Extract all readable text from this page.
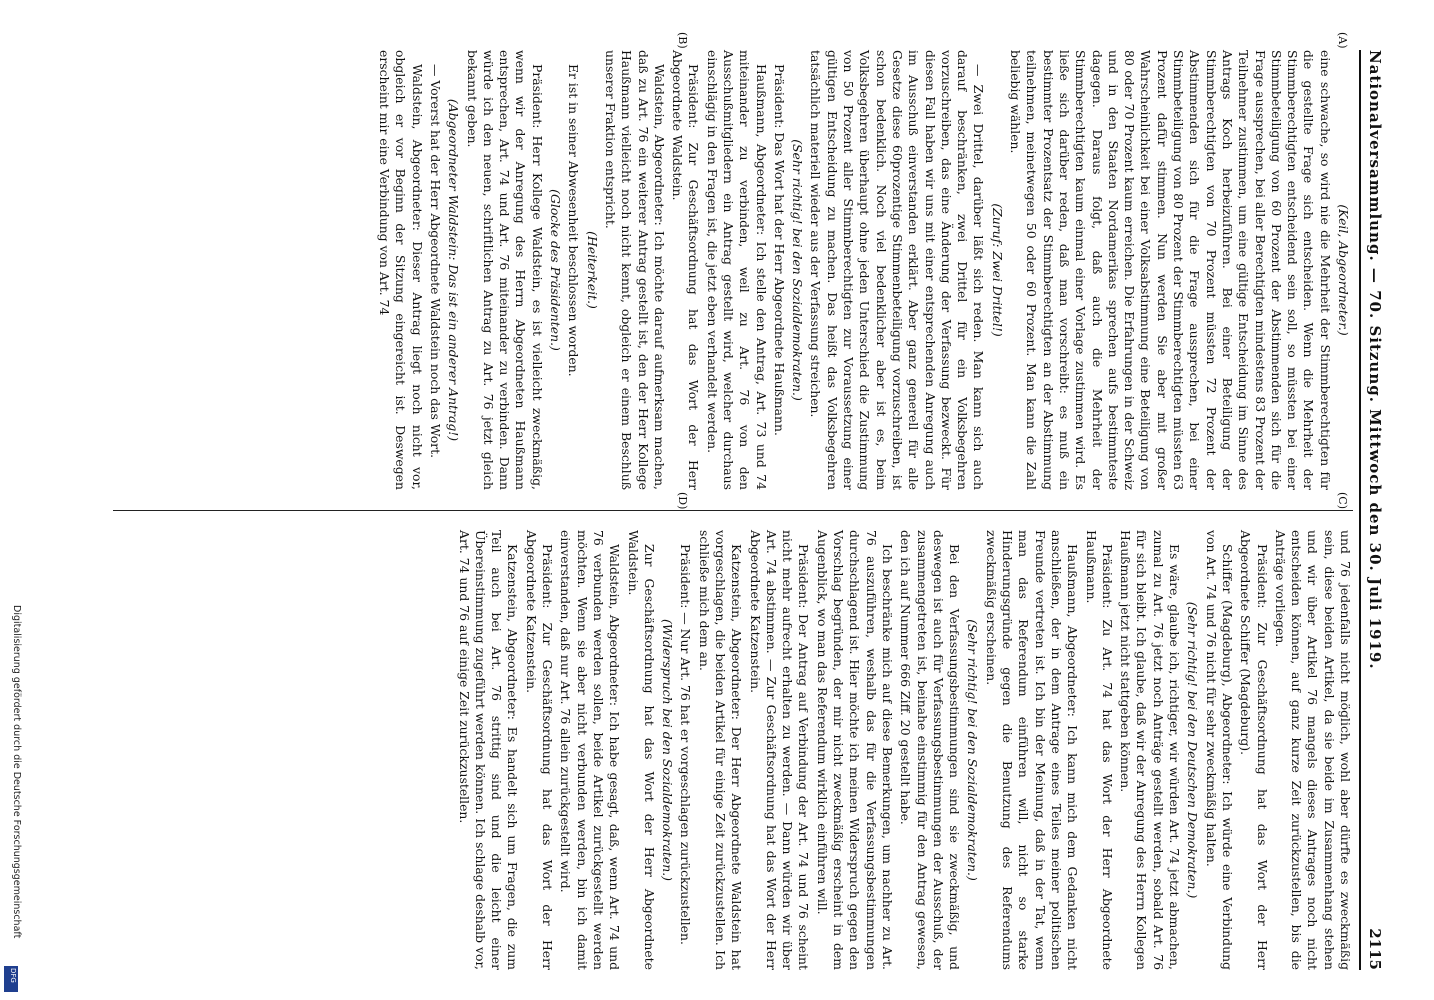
Nationalversammlung. — 70. Sitzung. Mittwoch den 30. Juli 1919.
2115

(Keil, Abgeordneter.)

eine schwache, so wird nie die Mehrheit der Stimmberechtigten für die gestellte Frage sich entscheiden. Wenn die Mehrheit der Stimmberechtigten entscheidend sein soll, so müssten bei einer Stimmbeteiligung von 60 Prozent der Abstimmenden sich für die Frage aussprechen, bei aller Berechtigten mindestens 83 Prozent der Teilnehmer zustimmen, um eine gültige Entscheidung im Sinne des Antrags Koch herbeizuführen. Bei einer Beteiligung der Stimmberechtigten von 70 Prozent müssten 72 Prozent der Abstimmenden sich für die Frage aussprechen, bei einer Stimmbeteiligung von 80 Prozent der Stimmberechtigten müssten 63 Prozent dafür stimmen. Nun werden Sie aber mit großer Wahrscheinlichkeit bei einer Volksabstimmung eine Beteiligung von 80 oder 70 Prozent kaum erreichen. Die Erfahrungen in der Schweiz und in den Staaten Nordamerikas sprechen aufs bestimmteste dagegen. Daraus folgt, daß auch die Mehrheit der Stimmberechtigten kaum einmal einer Vorlage zustimmen wird. Es ließe sich darüber reden, daß man vorschreibt: es muß ein bestimmter Prozentsatz der Stimmberechtigten an der Abstimmung teilnehmen, meinetwegen 50 oder 60 Prozent. Man kann die Zahl beliebig wählen.

(Zuruf: Zwei Drittel!)

— Zwei Drittel, darüber läßt sich reden. Man kann sich auch darauf beschränken, zwei Drittel für ein Volksbegehren vorzuschreiben, das eine Änderung der Verfassung bezweckt. Für diesen Fall haben wir uns mit einer entsprechenden Anregung auch im Ausschuß einverstanden erklärt. Aber ganz generell für alle Gesetze diese 60prozentige Stimmenbeteiligung vorzuschreiben, ist schon bedenklich. Noch viel bedenklicher aber ist es, beim Volksbegehren überhaupt ohne jeden Unterschied die Zustimmung von 50 Prozent aller Stimmberechtigten zur Voraussetzung einer gültigen Entscheidung zu machen. Das heißt das Volksbegehren tatsächlich materiell wieder aus der Verfassung streichen.

(Sehr richtig! bei den Sozialdemokraten.)

Präsident: Das Wort hat der Herr Abgeordnete Haußmann.

Haußmann, Abgeordneter: Ich stelle den Antrag, Art. 73 und 74 miteinander zu verbinden, weil zu Art. 76 von den Ausschußmitgliedern ein Antrag gestellt wird, welcher durchaus einschlägig in den Fragen ist, die jetzt eben verhandelt werden.

Präsident: Zur Geschäftsordnung hat das Wort der Herr Abgeordnete Waldstein.

Waldstein, Abgeordneter: Ich möchte darauf aufmerksam machen, daß zu Art. 76 ein weiterer Antrag gestellt ist, den der Herr Kollege Haußmann vielleicht noch nicht kennt, obgleich er einem Beschluß unserer Fraktion entspricht.

(Heiterkeit.)

Er ist in seiner Abwesenheit beschlossen worden.

(Glocke des Präsidenten.)

Präsident: Herr Kollege Waldstein, es ist vielleicht zweckmäßig, wenn wir der Anregung des Herrn Abgeordneten Haußmann entsprechen, Art. 74 und Art. 76 miteinander zu verbinden. Dann würde ich den neuen, schriftlichen Antrag zu Art. 76 jetzt gleich bekannt geben.

(Abgeordneter Waldstein: Das ist ein anderer Antrag!)

— Vorerst hat der Herr Abgeordnete Waldstein noch das Wort.

Waldstein, Abgeordneter: Dieser Antrag liegt noch nicht vor, obgleich er vor Beginn der Sitzung eingereicht ist. Deswegen erscheint mir eine Verbindung von Art. 74

und 76 jedenfalls nicht möglich, wohl aber dürfte es zweckmäßig sein, diese beiden Artikel, da sie beide im Zusammenhang stehen und wir über Artikel 76 mangels dieses Antrages noch nicht entscheiden können, auf ganz kurze Zeit zurückzustellen, bis die Anträge vorliegen.

Präsident: Zur Geschäftsordnung hat das Wort der Herr Abgeordnete Schiffer (Magdeburg).

Schiffer (Magdeburg), Abgeordneter: Ich würde eine Verbindung von Art. 74 und 76 nicht für sehr zweckmäßig halten.

(Sehr richtig! bei den Deutschen Demokraten.)

Es wäre, glaube ich, richtiger, wir würden Art. 74 jetzt abmachen, zumal zu Art. 76 jetzt noch Anträge gestellt werden, sobald Art. 76 für sich bleibt. Ich glaube, daß wir der Anregung des Herrn Kollegen Haußmann jetzt nicht stattgeben können.

Präsident: Zu Art. 74 hat das Wort der Herr Abgeordnete Haußmann.

Haußmann, Abgeordneter: Ich kann mich dem Gedanken nicht anschließen, der in dem Antrage eines Teiles meiner politischen Freunde vertreten ist. Ich bin der Meinung, daß in der Tat, wenn man das Referendum einführen will, nicht so starke Hinderungsgründe gegen die Benutzung des Referendums zweckmäßig erscheinen.

(Sehr richtig! bei den Sozialdemokraten.)

Bei den Verfassungsbestimmungen sind sie zweckmäßig, und deswegen ist auch für Verfassungsbestimmungen der Ausschuß, der zusammengetreten ist, beinahe einstimmig für den Antrag gewesen, den ich auf Nummer 666 Ziff. 20 gestellt habe.

Ich beschränke mich auf diese Bemerkungen, um nachher zu Art. 76 auszuführen, weshalb das für die Verfassungsbestimmungen durchschlagend ist. Hier möchte ich meinen Widerspruch gegen den Vorschlag begründen, der mir nicht zweckmäßig erscheint in dem Augenblick, wo man das Referendum wirklich einführen will.

Präsident: Der Antrag auf Verbindung der Art. 74 und 76 scheint nicht mehr aufrecht erhalten zu werden. — Dann würden wir über Art. 74 abstimmen. — Zur Geschäftsordnung hat das Wort der Herr Abgeordnete Katzenstein.

Katzenstein, Abgeordneter: Der Herr Abgeordnete Waldstein hat vorgeschlagen, die beiden Artikel für einige Zeit zurückzustellen. Ich schließe mich dem an.

Präsident: — Nur Art. 76 hat er vorgeschlagen zurückzustellen.

(Widerspruch bei den Sozialdemokraten.)

Zur Geschäftsordnung hat das Wort der Herr Abgeordnete Waldstein.

Waldstein, Abgeordneter: Ich habe gesagt, daß, wenn Art. 74 und 76 verbunden werden sollen, beide Artikel zurückgestellt werden möchten. Wenn sie aber nicht verbunden werden, bin ich damit einverstanden, daß nur Art. 76 allein zurückgestellt wird.

Präsident: Zur Geschäftsordnung hat das Wort der Herr Abgeordnete Katzenstein.

Katzenstein, Abgeordneter: Es handelt sich um Fragen, die zum Teil auch bei Art. 76 strittig sind und die leicht einer Übereinstimmung zugeführt werden können. Ich schlage deshalb vor, Art. 74 und 76 auf einige Zeit zurückzustellen.

(A)
(B)
(C)
(D)
Digitalisierung gefördert durch die Deutsche Forschungsgemeinschaft
DFG
